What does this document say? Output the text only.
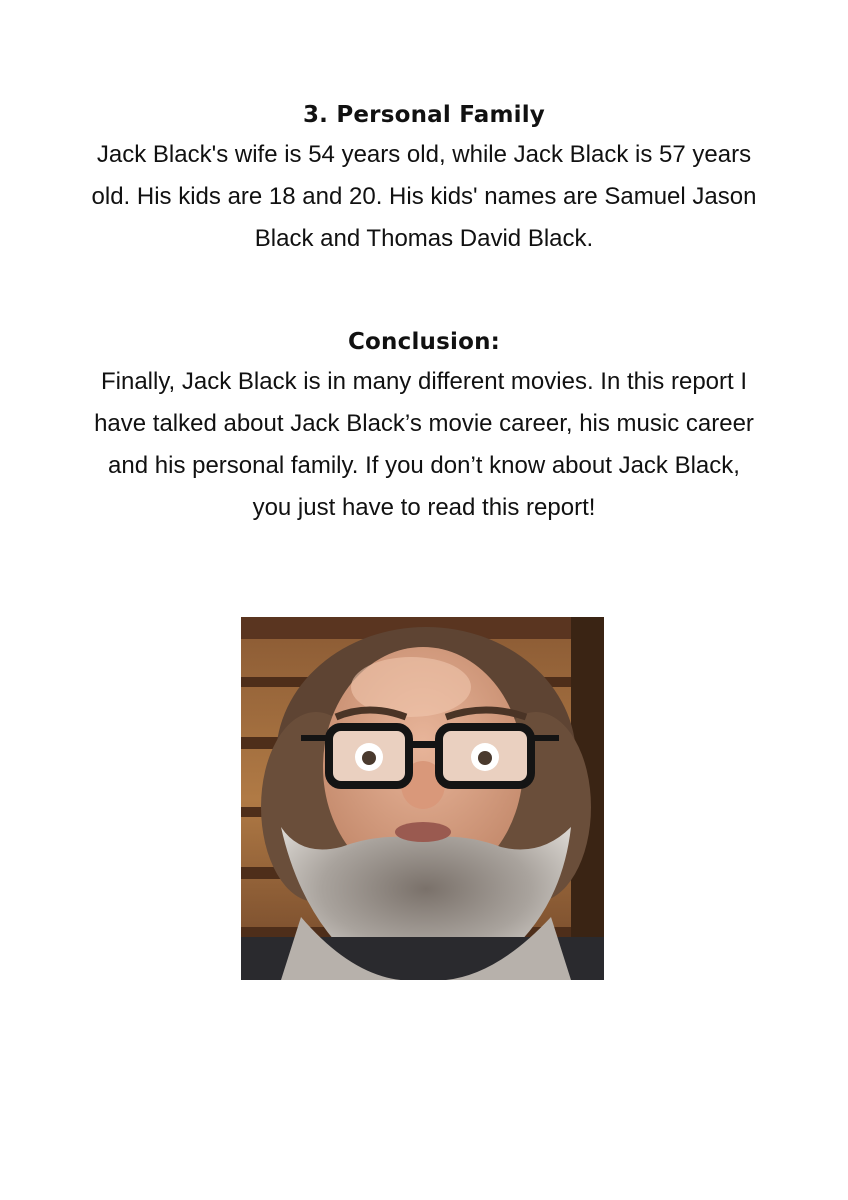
3. Personal Family

Jack Black's wife is 54 years old, while Jack Black is 57 years old. His kids are 18 and 20. His kids' names are Samuel Jason Black and Thomas David Black.

Conclusion:

Finally, Jack Black is in many different movies. In this report I have talked about Jack Black’s movie career, his music career and his personal family. If you don’t know about Jack Black, you just have to read this report!
